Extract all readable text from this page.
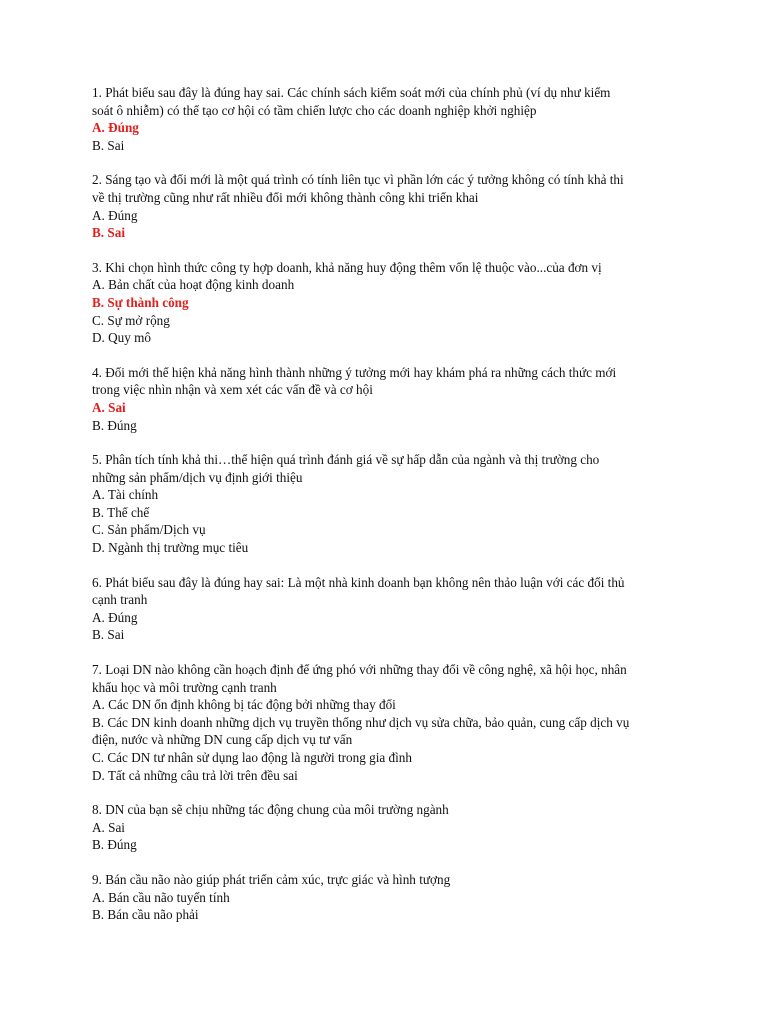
1. Phát biểu sau đây là đúng hay sai. Các chính sách kiểm soát mới của chính phủ (ví dụ như kiểm
soát ô nhiễm) có thể tạo cơ hội có tầm chiến lược cho các doanh nghiệp khởi nghiệp
A. Đúng
B. Sai
2. Sáng tạo và đổi mới là một quá trình có tính liên tục vì phần lớn các ý tưởng không có tính khả thi
về thị trường cũng như rất nhiều đổi mới không thành công khi triển khai
A. Đúng
B. Sai
3. Khi chọn hình thức công ty hợp doanh, khả năng huy động thêm vốn lệ thuộc vào...của đơn vị
A. Bản chất của hoạt động kinh doanh
B. Sự thành công
C. Sự mở rộng
D. Quy mô
4. Đổi mới thể hiện khả năng hình thành những ý tưởng mới hay khám phá ra những cách thức mới
trong việc nhìn nhận và xem xét các vấn đề và cơ hội
A. Sai
B. Đúng
5. Phân tích tính khả thi…thể hiện quá trình đánh giá về sự hấp dẫn của ngành và thị trường cho
những sản phẩm/dịch vụ định giới thiệu
A. Tài chính
B. Thể chế
C. Sản phẩm/Dịch vụ
D. Ngành thị trường mục tiêu
6. Phát biểu sau đây là đúng hay sai: Là một nhà kinh doanh bạn không nên thảo luận với các đối thủ
cạnh tranh
A. Đúng
B. Sai
7. Loại DN nào không cần hoạch định để ứng phó với những thay đổi về công nghệ, xã hội học, nhân
khẩu học và môi trường cạnh tranh
A. Các DN ổn định không bị tác động bởi những thay đổi
B. Các DN kinh doanh những dịch vụ truyền thống như dịch vụ sửa chữa, bảo quản, cung cấp dịch vụ
điện, nước và những DN cung cấp dịch vụ tư vấn
C. Các DN tư nhân sử dụng lao động là người trong gia đình
D. Tất cả những câu trả lời trên đều sai
8. DN của bạn sẽ chịu những tác động chung của môi trường ngành
A. Sai
B. Đúng
9. Bán cầu não nào giúp phát triển cảm xúc, trực giác và hình tượng
A. Bán cầu não tuyến tính
B. Bán cầu não phải
